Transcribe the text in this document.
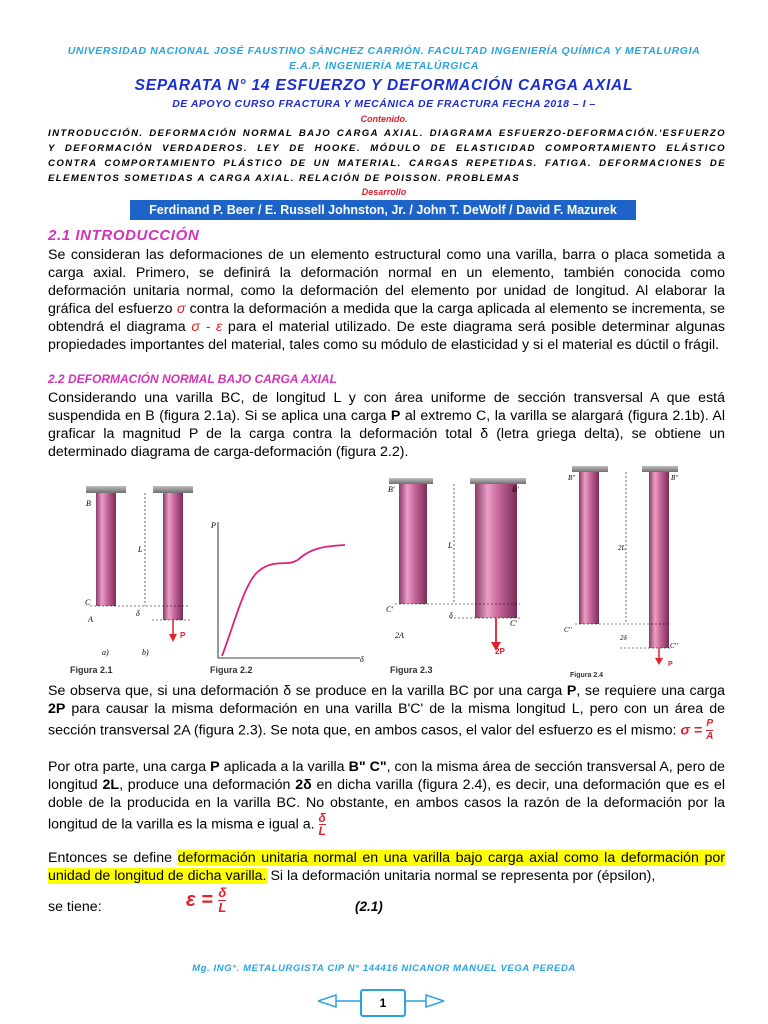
UNIVERSIDAD NACIONAL JOSÉ FAUSTINO SÁNCHEZ CARRIÓN. FACULTAD INGENIERÍA QUÍMICA Y METALURGIA
E.A.P. INGENIERÍA METALÚRGICA
SEPARATA N° 14 ESFUERZO Y DEFORMACIÓN CARGA AXIAL
DE APOYO CURSO FRACTURA Y MECÁNICA DE FRACTURA FECHA 2018 – I –
Contenido.
INTRODUCCIÓN. DEFORMACIÓN NORMAL BAJO CARGA AXIAL. DIAGRAMA ESFUERZO-DEFORMACIÓN.'ESFUERZO Y DEFORMACIÓN VERDADEROS. LEY DE HOOKE. MÓDULO DE ELASTICIDAD COMPORTAMIENTO ELÁSTICO CONTRA COMPORTAMIENTO PLÁSTICO DE UN MATERIAL. CARGAS REPETIDAS. FATIGA. DEFORMACIONES DE ELEMENTOS SOMETIDAS A CARGA AXIAL. RELACIÓN DE POISSON. PROBLEMAS
Desarrollo
Ferdinand P. Beer / E. Russell Johnston, Jr. / John T. DeWolf / David F. Mazurek
2.1 INTRODUCCIÓN
Se consideran las deformaciones de un elemento estructural como una varilla, barra o placa sometida a carga axial. Primero, se definirá la deformación normal en un elemento, también conocida como deformación unitaria normal, como la deformación del elemento por unidad de longitud. Al elaborar la gráfica del esfuerzo σ contra la deformación a medida que la carga aplicada al elemento se incrementa, se obtendrá el diagrama σ - ε para el material utilizado. De este diagrama será posible determinar algunas propiedades importantes del material, tales como su módulo de elasticidad y si el material es dúctil o frágil.
2.2 DEFORMACIÓN NORMAL BAJO CARGA AXIAL
Considerando una varilla BC, de longitud L y con área uniforme de sección transversal A que está suspendida en B (figura 2.1a). Si se aplica una carga P al extremo C, la varilla se alargará (figura 2.1b). Al graficar la magnitud P de la carga contra la deformación total δ (letra griega delta), se obtiene un determinado diagrama de carga-deformación (figura 2.2).
B
C
A
L
δ
P
a)	b)
Figura 2.1
P
δ
Figura 2.2
B'	B'
C'
C'
L
2A
δ
2P
Figura 2.3
B''	B''
C''
C''
2L
2δ
P
Figura 2.4
Se observa que, si una deformación δ se produce en la varilla BC por una carga P, se requiere una carga 2P para causar la misma deformación en una varilla B'C' de la misma longitud L, pero con un área de sección transversal 2A (figura 2.3). Se nota que, en ambos casos, el valor del esfuerzo es el mismo: $\sigma = \frac{P}{A}$
Por otra parte, una carga P aplicada a la varilla B" C", con la misma área de sección transversal A, pero de longitud 2L, produce una deformación 2δ en dicha varilla (figura 2.4), es decir, una deformación que es el doble de la producida en la varilla BC. No obstante, en ambos casos la razón de la deformación por la longitud de la varilla es la misma e igual a. $\frac{\delta}{L}$
Entonces se define deformación unitaria normal en una varilla bajo carga axial como la deformación por unidad de longitud de dicha varilla. Si la deformación unitaria normal se representa por (épsilon),
se tiene:	$\varepsilon = \frac{\delta}{L}$	(2.1)
Mg. ING°. METALURGISTA CIP N° 144416 NICANOR MANUEL VEGA PEREDA
1
